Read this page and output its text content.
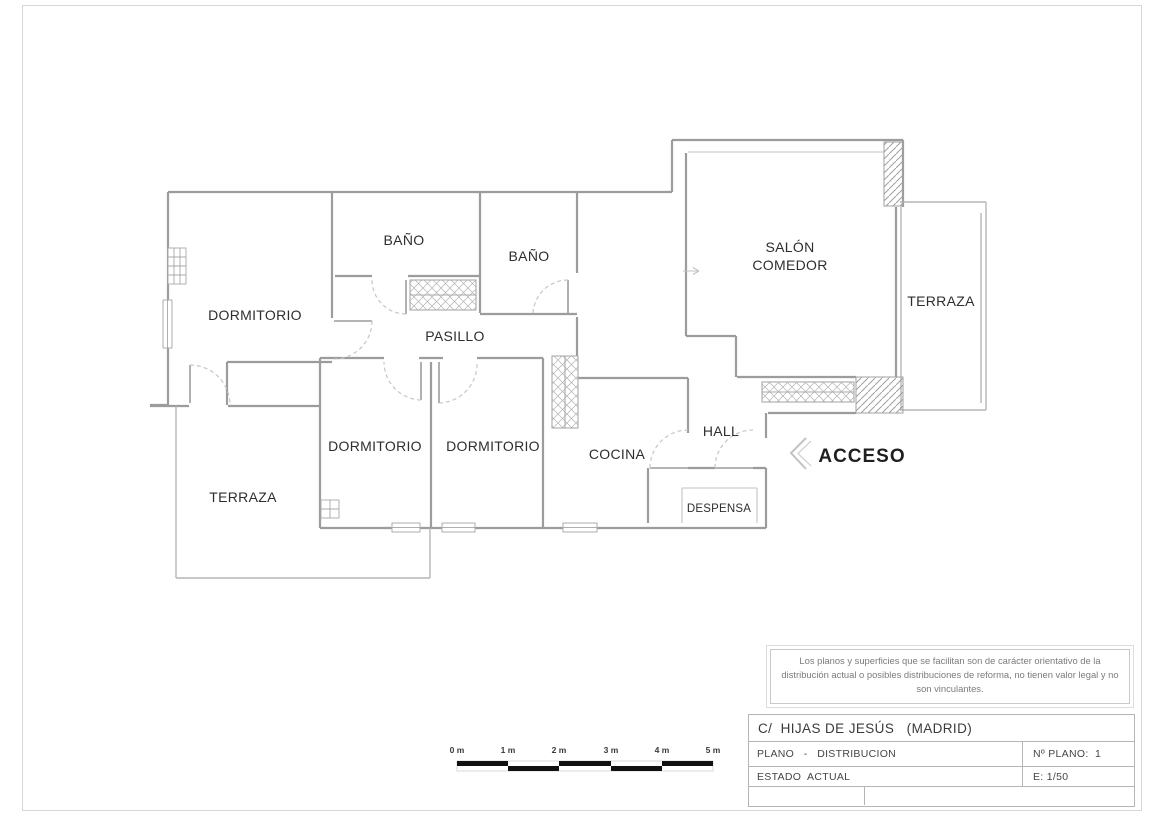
DORMITORIO
BAÑO
BAÑO
PASILLO
SALÓN
COMEDOR
TERRAZA
DORMITORIO DORMITORIO
TERRAZA
COCINA
HALL
DESPENSA
ACCESO
0 m	1 m	2 m	3 m	4 m	5 m
Los planos y superficies que se facilitan son de carácter orientativo de la distribución actual o posibles distribuciones de reforma, no tienen valor legal y no son vinculantes.
C/  HIJAS DE JESÚS   (MADRID)
PLANO   -   DISTRIBUCION	Nº PLANO:  1
ESTADO  ACTUAL	E: 1/50
